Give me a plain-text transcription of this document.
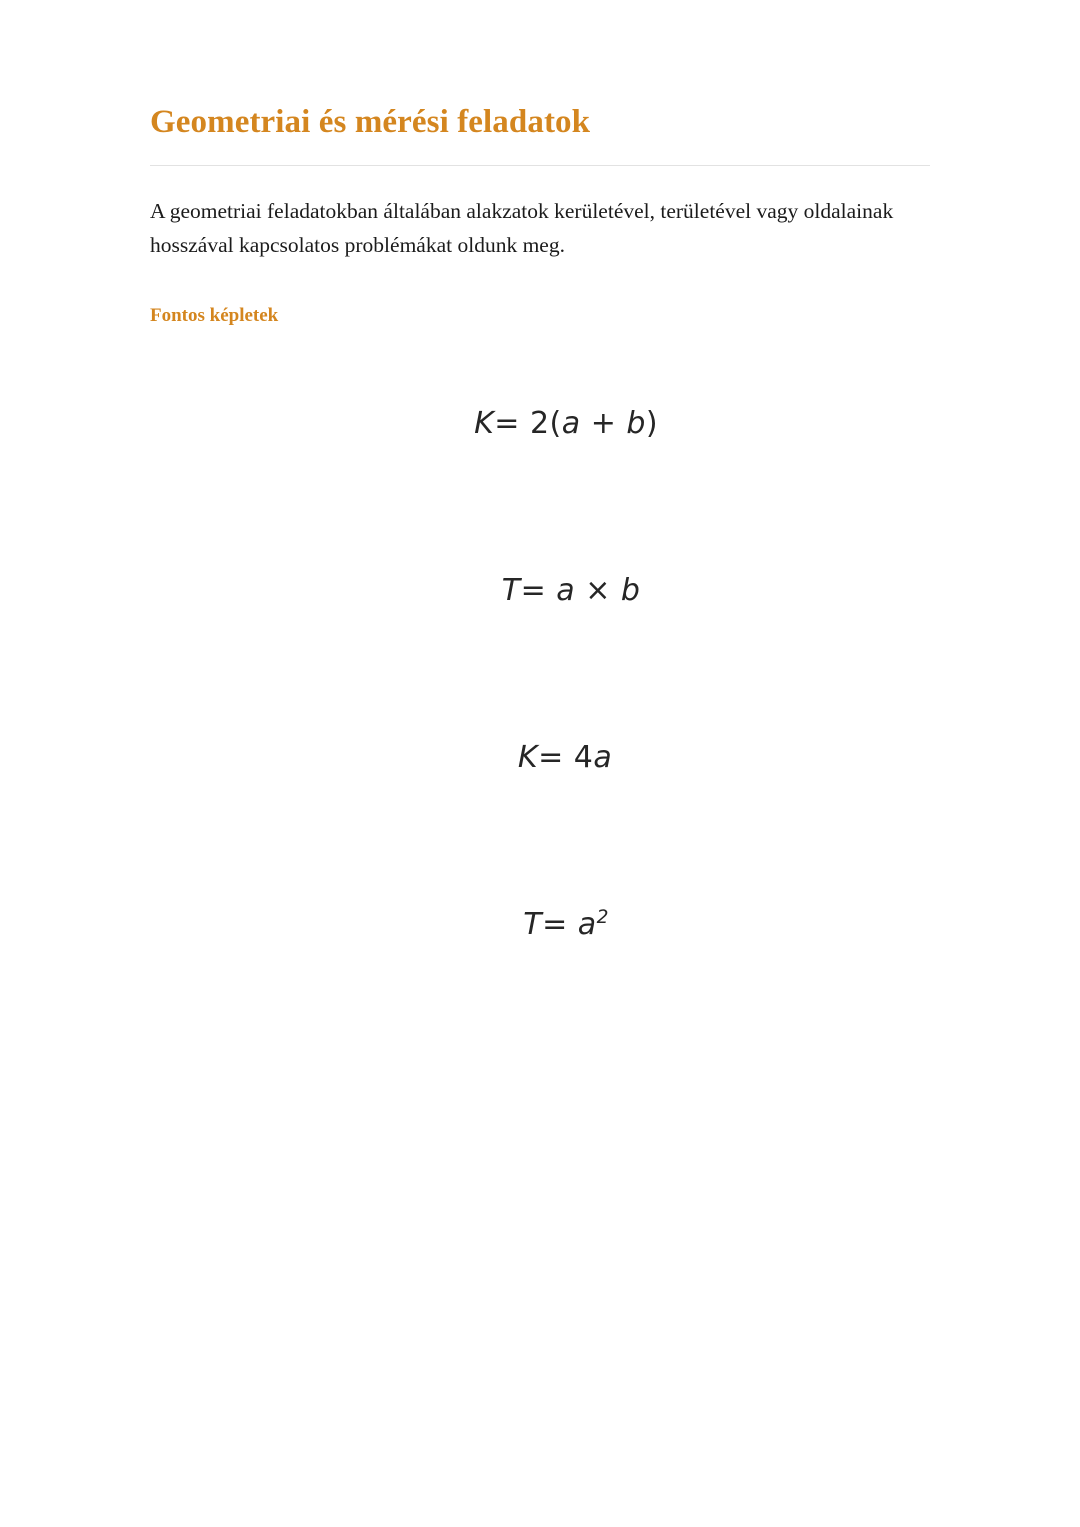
Geometriai és mérési feladatok

A geometriai feladatokban általában alakzatok kerületével, területével vagy oldalainak hosszával kapcsolatos problémákat oldunk meg.

Fontos képletek

K= 2(a + b)

T= a × b

K= 4a

$T= a^2$
